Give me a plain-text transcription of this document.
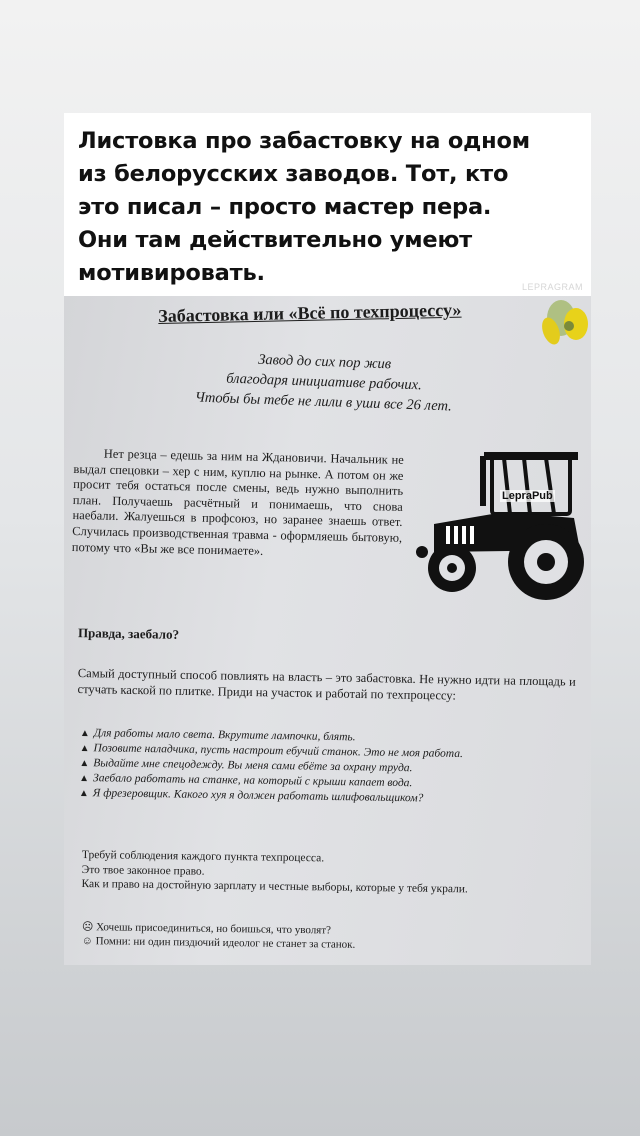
Листовка про забастовку на одном
из белорусских заводов. Тот, кто
это писал – просто мастер пера.
Они там действительно умеют
мотивировать.
LEPRAGRAM
Забастовка или «Всё по техпроцессу»
Завод до сих пор жив
благодаря инициативе рабочих.
Чтобы бы тебе не лили в уши все 26 лет.
Нет резца – едешь за ним на Ждановичи. Начальник не выдал спецовки – хер с ним, куплю на рынке. А потом он же просит тебя остаться после смены, ведь нужно выполнить план. Получаешь расчётный и понимаешь, что снова наебали. Жалуешься в профсоюз, но заранее знаешь ответ. Случилась производственная травма - оформляешь бытовую, потому что «Вы же все понимаете».
LepraPub
Правда, заебало?
Самый доступный способ повлиять на власть – это забастовка. Не нужно идти на площадь и стучать каской по плитке. Приди на участок и работай по техпроцессу:

▲ Для работы мало света. Вкрутите лампочки, блять.

▲ Позовите наладчика, пусть настроит ебучий станок. Это не моя работа.

▲ Выдайте мне спецодежду. Вы меня сами ебёте за охрану труда.

▲ Заебало работать на станке, на который с крыши капает вода.

▲ Я фрезеровщик. Какого хуя я должен работать шлифовальщиком?

Требуй соблюдения каждого пункта техпроцесса.
Это твое законное право.
Как и право на достойную зарплату и честные выборы, которые у тебя украли.
☹ Хочешь присоединиться, но боишься, что уволят?
☺ Помни: ни один пиздючий идеолог не станет за станок.
